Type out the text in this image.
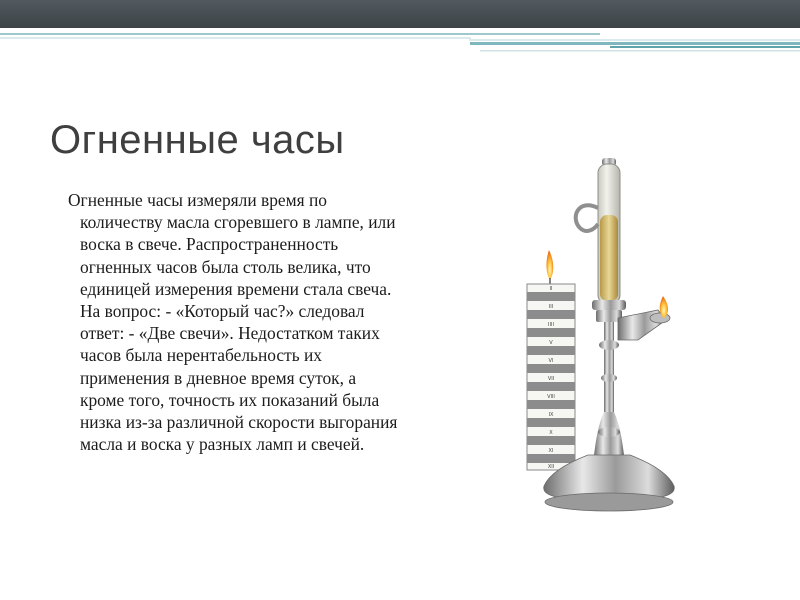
Огненные часы

Огненные часы измеряли время по количеству масла сгоревшего в лампе, или воска в свече. Распространенность огненных часов была столь велика, что единицей измерения времени стала свеча. На вопрос: - «Который час?» следовал ответ: - «Две свечи». Недостатком таких часов была нерентабельность их применения в дневное время суток, а кроме того, точность их показаний была низка из-за различной скорости выгорания масла и воска у разных ламп и свечей.

II
III
IIII
V
VI
VII
VIII
IX
X
XI
XII
